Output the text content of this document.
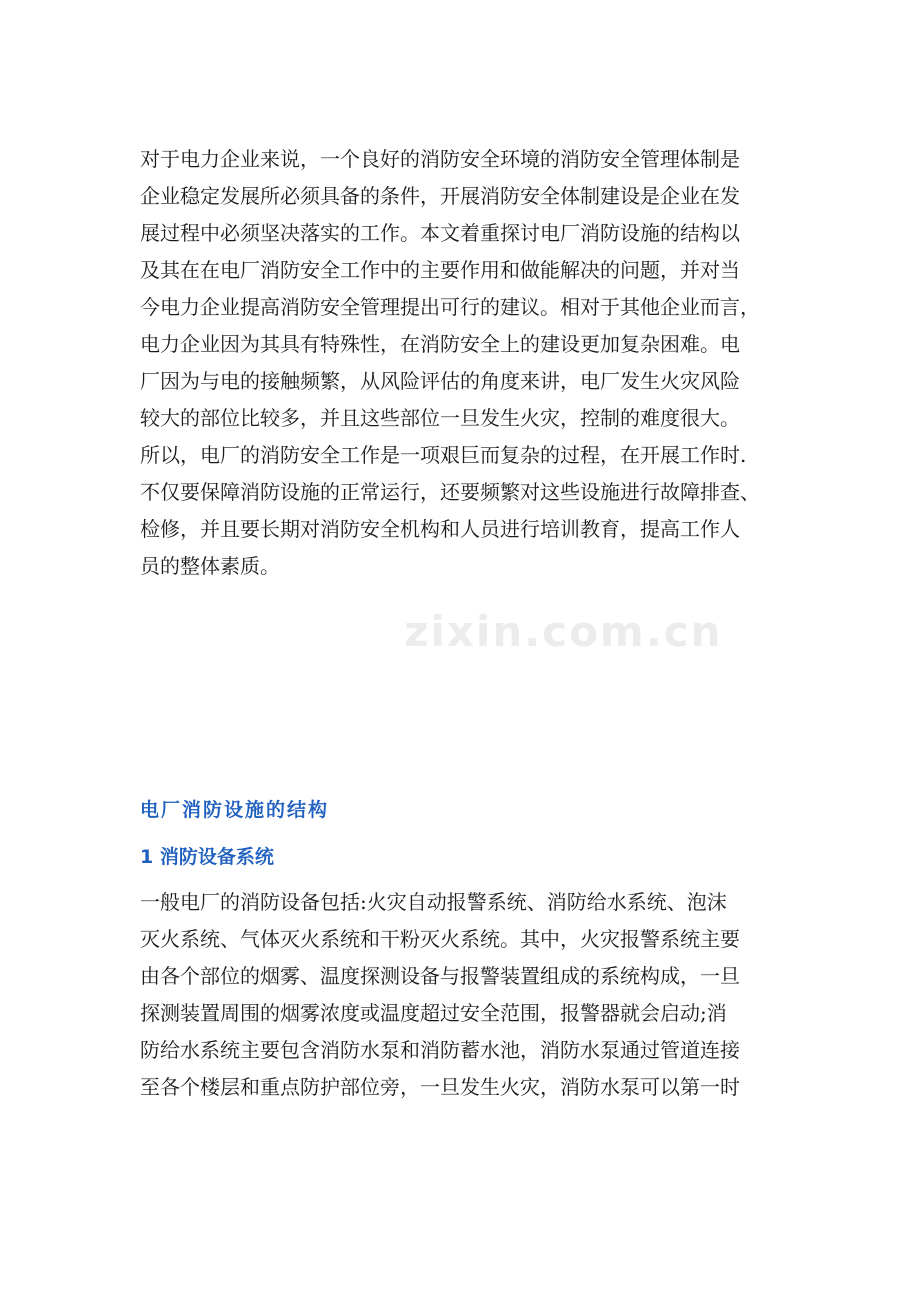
对于电力企业来说，一个良好的消防安全环境的消防安全管理体制是
企业稳定发展所必须具备的条件，开展消防安全体制建设是企业在发
展过程中必须坚决落实的工作。本文着重探讨电厂消防设施的结构以
及其在在电厂消防安全工作中的主要作用和做能解决的问题，并对当
今电力企业提高消防安全管理提出可行的建议。相对于其他企业而言，
电力企业因为其具有特殊性，在消防安全上的建设更加复杂困难。电
厂因为与电的接触频繁，从风险评估的角度来讲，电厂发生火灾风险
较大的部位比较多，并且这些部位一旦发生火灾，控制的难度很大。
所以，电厂的消防安全工作是一项艰巨而复杂的过程，在开展工作时.
不仅要保障消防设施的正常运行，还要频繁对这些设施进行故障排查、
检修，并且要长期对消防安全机构和人员进行培训教育，提高工作人
员的整体素质。
zixin.com.cn
电厂消防设施的结构
1 消防设备系统
一般电厂的消防设备包括:火灾自动报警系统、消防给水系统、泡沫
灭火系统、气体灭火系统和干粉灭火系统。其中，火灾报警系统主要
由各个部位的烟雾、温度探测设备与报警装置组成的系统构成，一旦
探测装置周围的烟雾浓度或温度超过安全范围，报警器就会启动;消
防给水系统主要包含消防水泵和消防蓄水池，消防水泵通过管道连接
至各个楼层和重点防护部位旁，一旦发生火灾，消防水泵可以第一时
